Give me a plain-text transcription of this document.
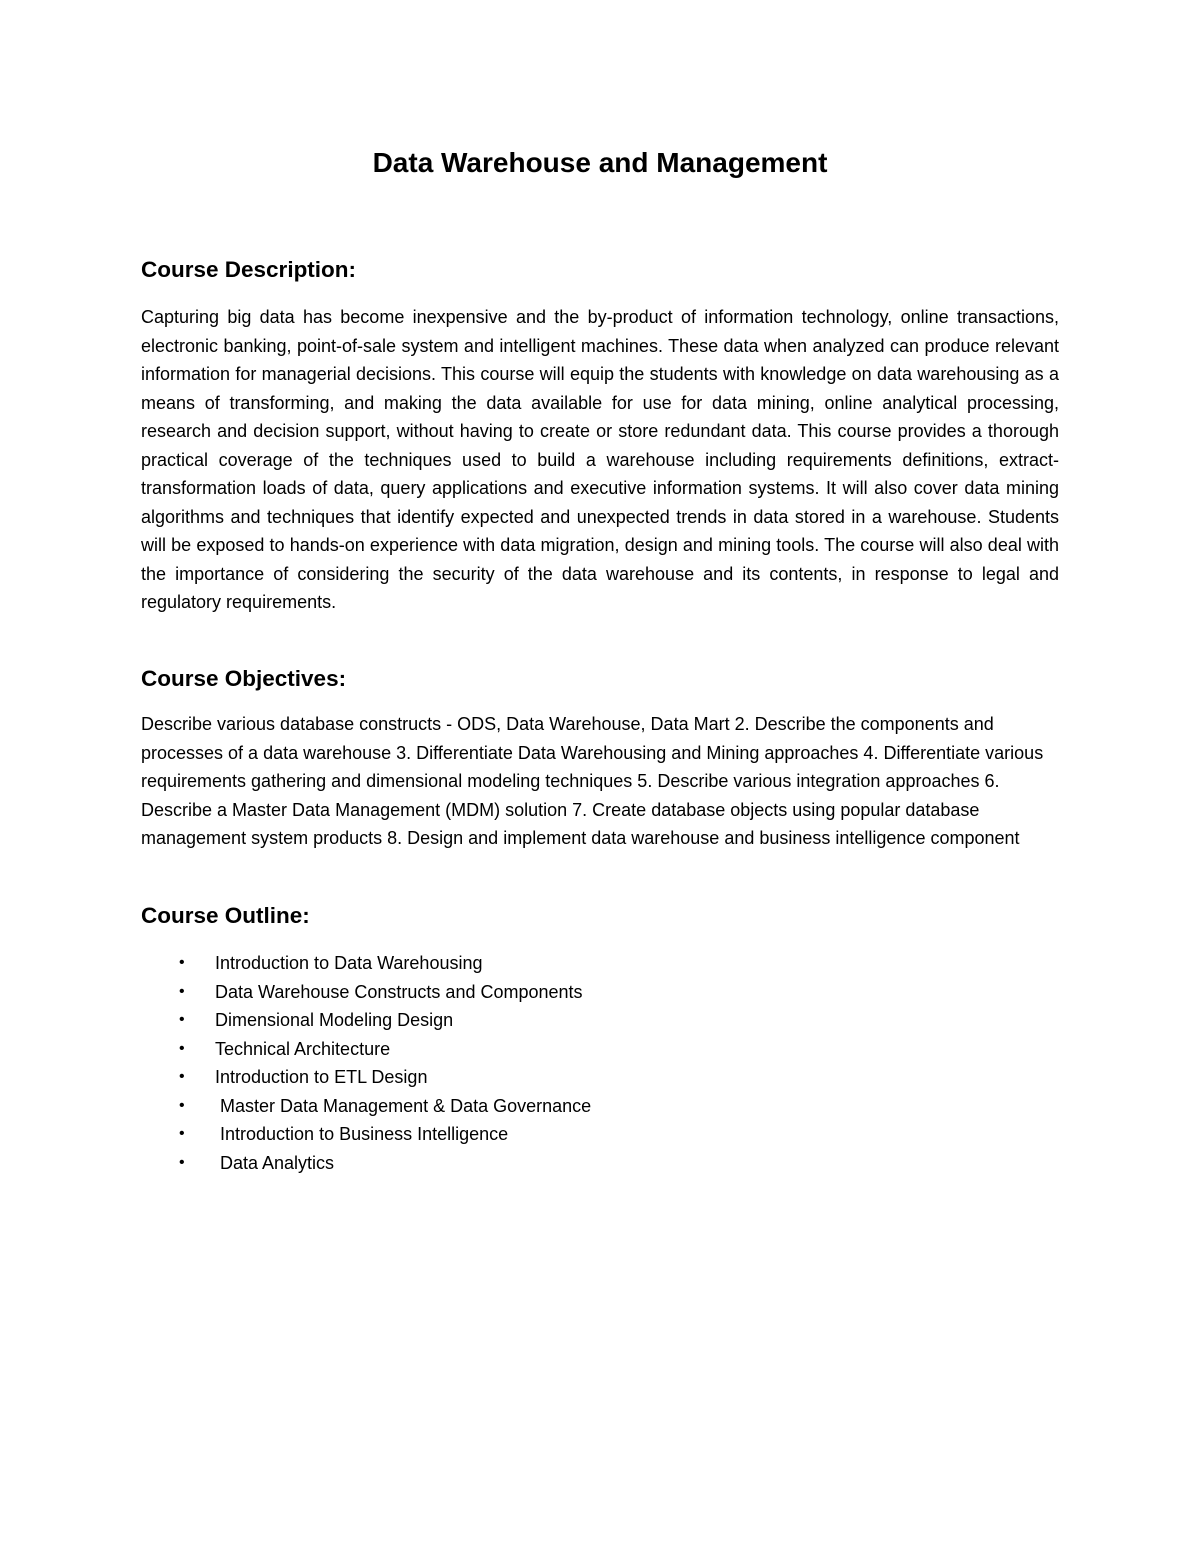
Data Warehouse and Management
Course Description:

Capturing big data has become inexpensive and the by-product of information technology, online transactions, electronic banking, point-of-sale system and intelligent machines. These data when analyzed can produce relevant information for managerial decisions. This course will equip the students with knowledge on data warehousing as a means of transforming, and making the data available for use for data mining, online analytical processing, research and decision support, without having to create or store redundant data. This course provides a thorough practical coverage of the techniques used to build a warehouse including requirements definitions, extract-transformation loads of data, query applications and executive information systems. It will also cover data mining algorithms and techniques that identify expected and unexpected trends in data stored in a warehouse. Students will be exposed to hands-on experience with data migration, design and mining tools. The course will also deal with the importance of considering the security of the data warehouse and its contents, in response to legal and regulatory requirements.

Course Objectives:

Describe various database constructs - ODS, Data Warehouse, Data Mart 2. Describe the components and processes of a data warehouse 3. Differentiate Data Warehousing and Mining approaches 4. Differentiate various requirements gathering and dimensional modeling techniques 5. Describe various integration approaches 6. Describe a Master Data Management (MDM) solution 7. Create database objects using popular database management system products 8. Design and implement data warehouse and business intelligence component

Course Outline:
• Introduction to Data Warehousing
• Data Warehouse Constructs and Components
• Dimensional Modeling Design
• Technical Architecture
• Introduction to ETL Design
• Master Data Management & Data Governance
• Introduction to Business Intelligence
• Data Analytics
